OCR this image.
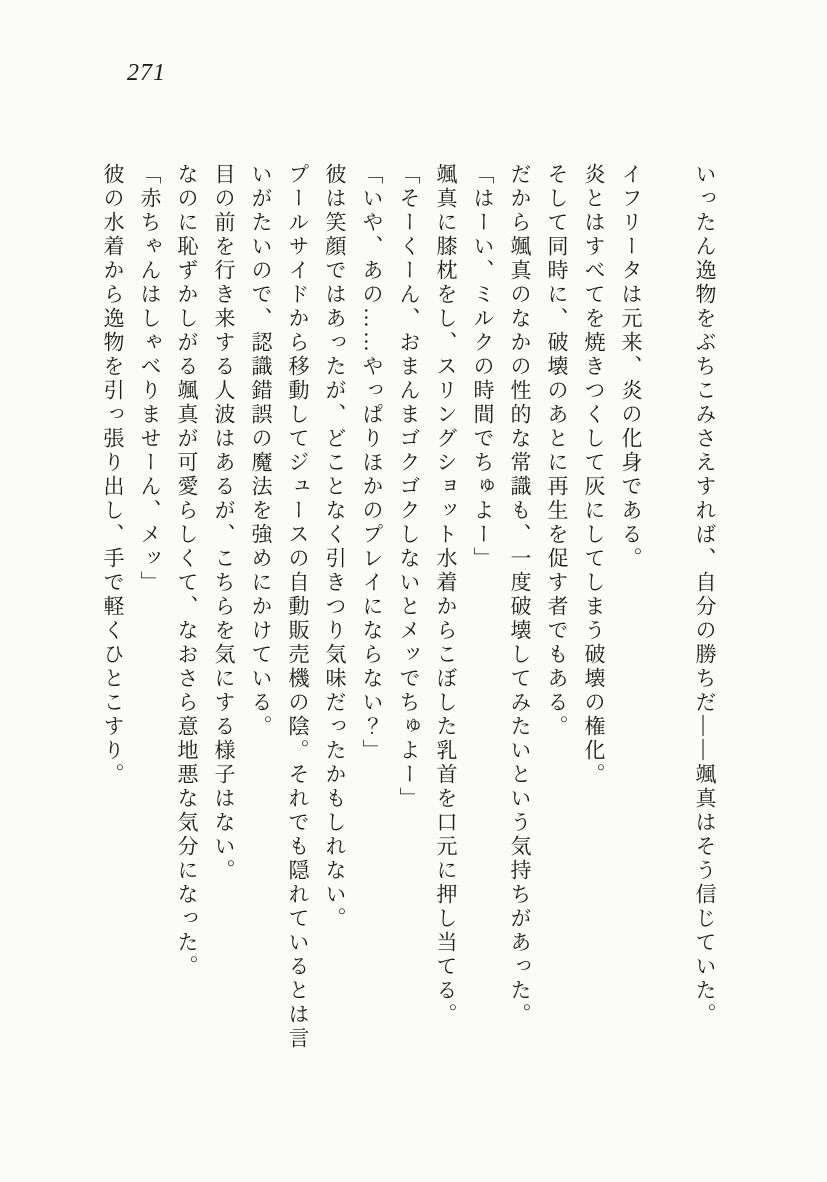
271

いったん逸物をぶちこみさえすれば、自分の勝ちだ――颯真はそう信じていた。

イフリータは元来、炎の化身である。

炎とはすべてを焼きつくして灰にしてしまう破壊の権化。

そして同時に、破壊のあとに再生を促す者でもある。

だから颯真のなかの性的な常識も、一度破壊してみたいという気持ちがあった。

「はーい、ミルクの時間でちゅよー」

颯真に膝枕をし、スリングショット水着からこぼした乳首を口元に押し当てる。

「そーくーん、おまんまゴクゴクしないとメッでちゅよー」

「いや、あの……やっぱりほかのプレイにならない？」

彼は笑顔ではあったが、どことなく引きつり気味だったかもしれない。

プールサイドから移動してジュースの自動販売機の陰。それでも隠れているとは言

いがたいので、認識錯誤の魔法を強めにかけている。

目の前を行き来する人波はあるが、こちらを気にする様子はない。

なのに恥ずかしがる颯真が可愛らしくて、なおさら意地悪な気分になった。

「赤ちゃんはしゃべりませーん、メッ」

彼の水着から逸物を引っ張り出し、手で軽くひとこすり。
